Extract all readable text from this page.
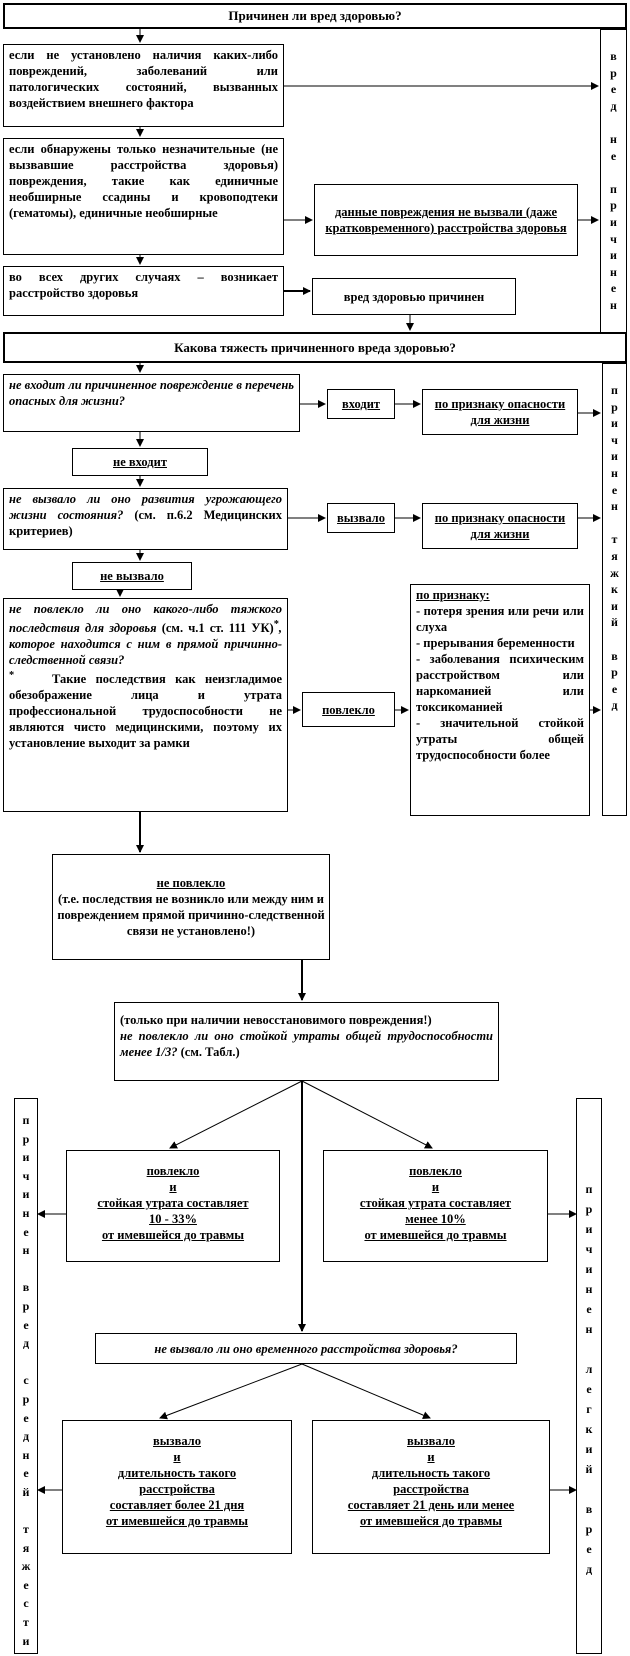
Причинен ли вред здоровью?
если не установлено наличия каких-либо повреждений, заболеваний или патологических состояний, вызванных воздействием внешнего фактора
если обнаружены только незначительные (не вызвавшие расстройства здоровья) повреждения, такие как единичные необширные ссадины и кровоподтеки (гематомы), единичные необширные	данные повреждения не вызвали (даже кратковременного) расстройства здоровья
во всех других случаях – возникает расстройство здоровья	вред здоровью причинен
в
р
е
д

н
е

п
р
и
ч
и
н
е
н
Какова тяжесть причиненного вреда здоровью?
не входит ли причиненное повреждение в перечень опасных для жизни?	входит	по признаку опасности для жизни
не входит
не вызвало ли оно развития угрожающего жизни состояния? (см. п.6.2 Медицинских критериев)
вызвало	по признаку опасности для жизни
не вызвало
не повлекло ли оно какого-либо тяжкого последствия для здоровья (см. ч.1 ст. 111 УК)*, которое находится с ним в прямой причинно-следственной связи?
*	Такие последствия как неизгладимое обезображение лица и утрата профессиональной трудоспособности не являются чисто медицинскими, поэтому их установление выходит за рамки
повлекло
по признаку:
- потеря зрения или речи или слуха
- прерывания беременности
- заболевания психическим расстройством или наркоманией или токсикоманией
- значительной стойкой утраты общей трудоспособности более
п
р
и
ч
и
н
е
н

т
я
ж
к
и
й

в
р
е
д
не повлекло
(т.е. последствия не возникло или между ним и повреждением прямой причинно-следственной связи не установлено!)
(только при наличии невосстановимого повреждения!)
не повлекло ли оно стойкой утраты общей трудоспособности менее 1/3? (см. Табл.)
повлекло
и
стойкая утрата составляет
10 - 33%
от имевшейся до травмы
повлекло
и
стойкая утрата составляет
менее 10%
от имевшейся до травмы
не вызвало ли оно временного расстройства здоровья?
вызвало
и
длительность такого
расстройства
составляет более 21 дня
от имевшейся до травмы
вызвало
и
длительность такого
расстройства
составляет 21 день или менее
от имевшейся до травмы
п
р
и
ч
и
н
е
н

в
р
е
д

с
р
е
д
н
е
й

т
я
ж
е
с
т
и
п
р
и
ч
и
н
е
н

л
е
г
к
и
й

в
р
е
д
